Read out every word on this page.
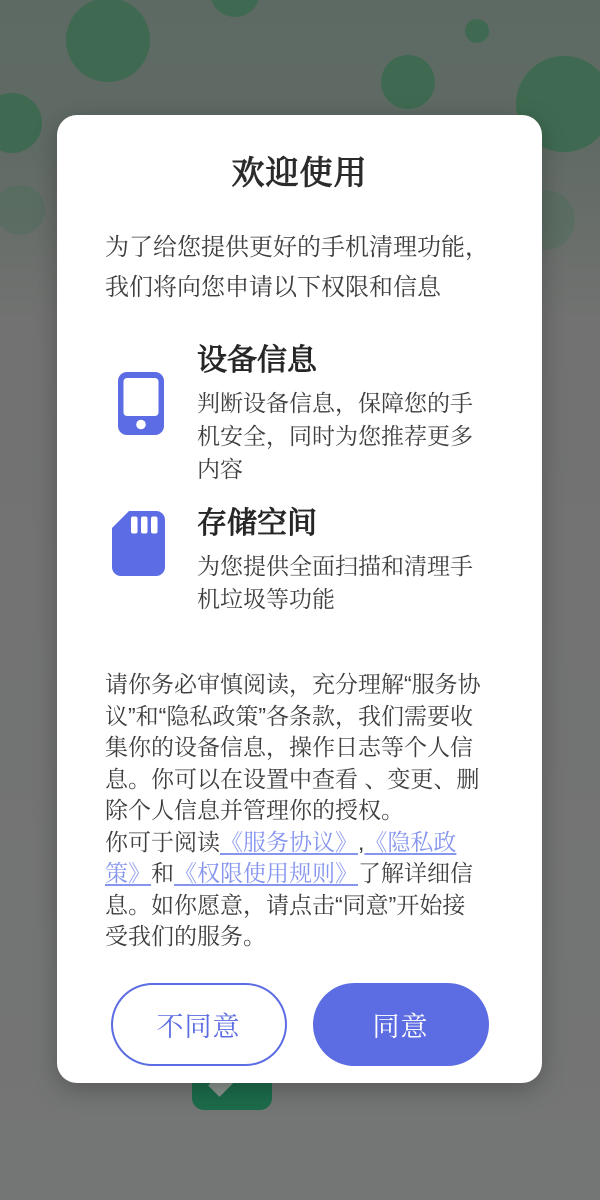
欢迎使用

为了给您提供更好的手机清理功能，我们将向您申请以下权限和信息

设备信息

判断设备信息，保障您的手机安全，同时为您推荐更多内容

存储空间

为您提供全面扫描和清理手机垃圾等功能

请你务必审慎阅读，充分理解“服务协议”和“隐私政策”各条款，我们需要收集你的设备信息，操作日志等个人信息。你可以在设置中查看 、变更、删除个人信息并管理你的授权。

你可于阅读《服务协议》,《隐私政策》和《权限使用规则》了解详细信息。如你愿意，请点击“同意”开始接受我们的服务。

不同意	同意
